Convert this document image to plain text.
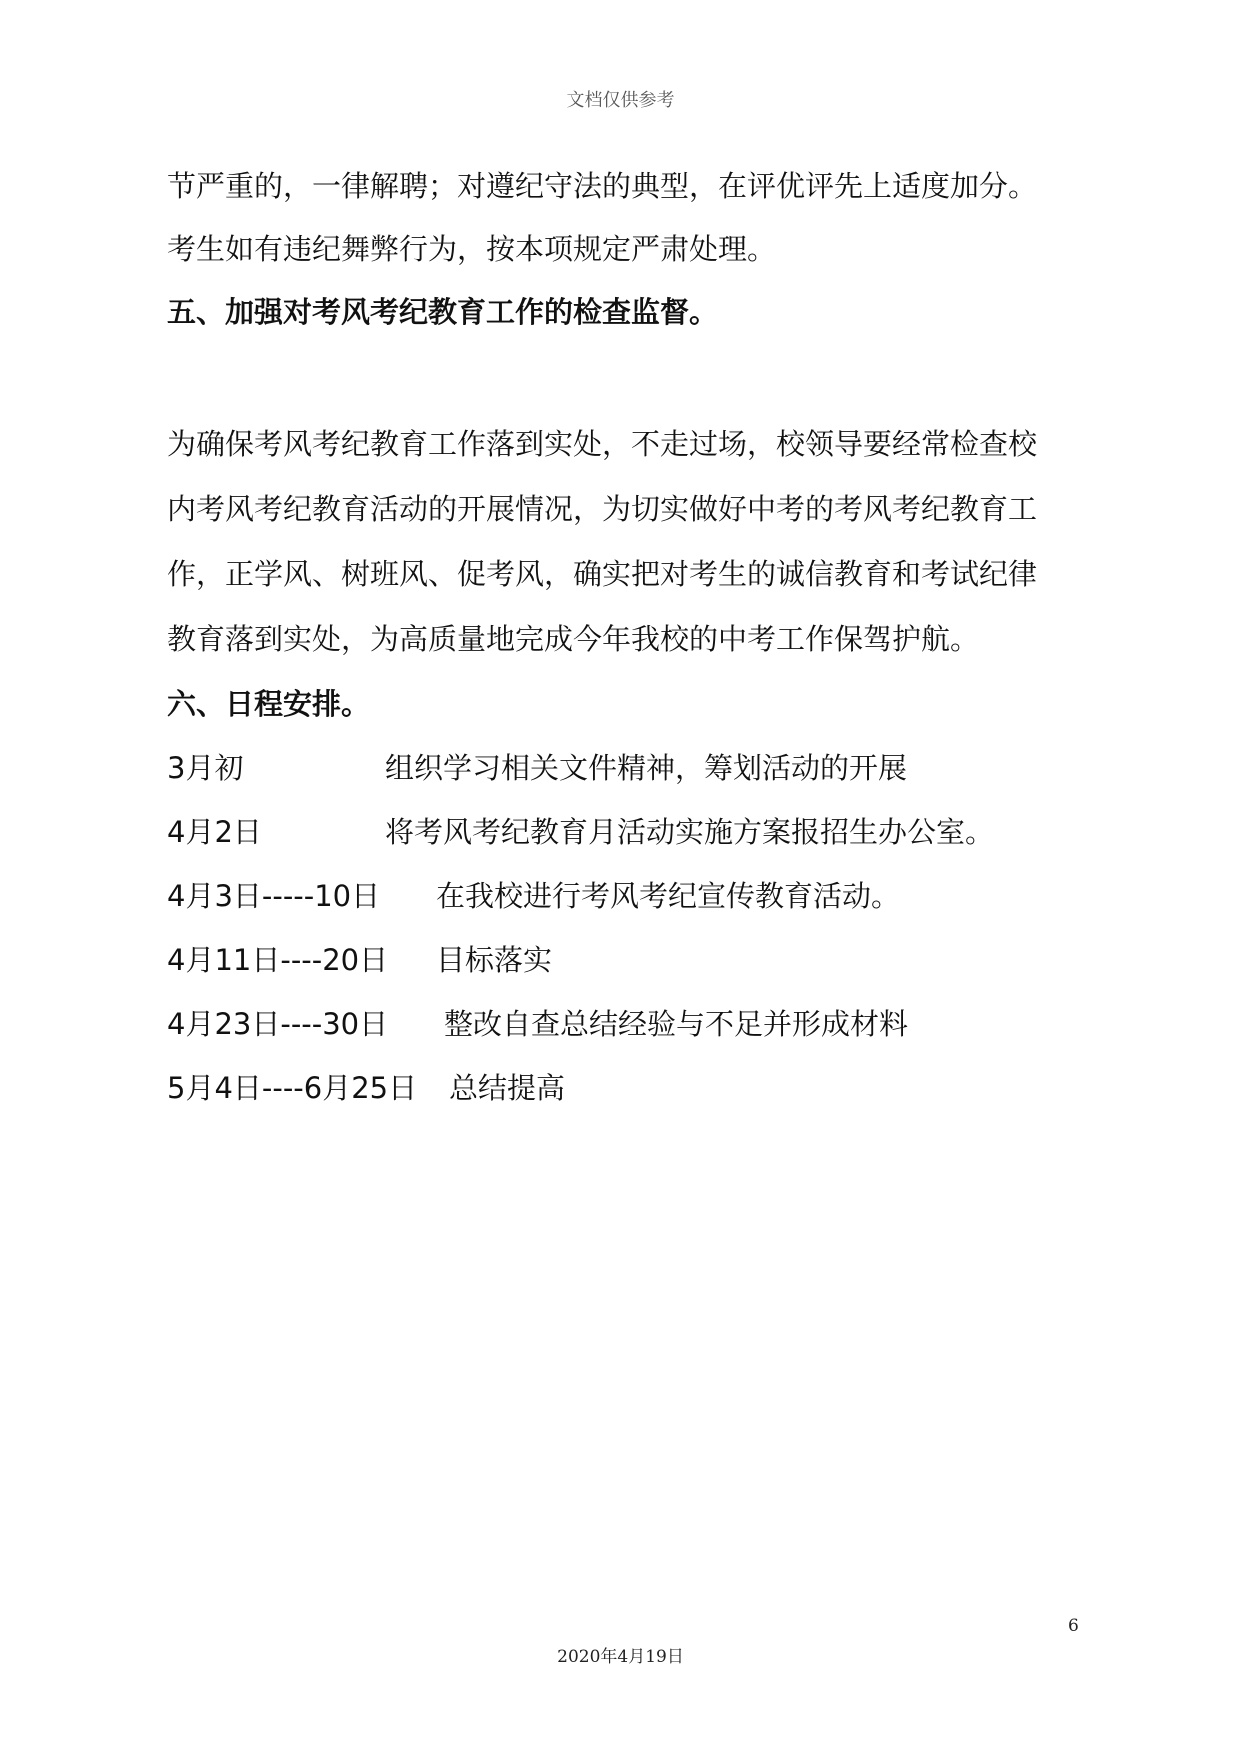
文档仅供参考
节严重的，一律解聘；对遵纪守法的典型，在评优评先上适度加分。
考生如有违纪舞弊行为，按本项规定严肃处理。
五、加强对考风考纪教育工作的检查监督。
为确保考风考纪教育工作落到实处，不走过场，校领导要经常检查校
内考风考纪教育活动的开展情况，为切实做好中考的考风考纪教育工
作，正学风、树班风、促考风，确实把对考生的诚信教育和考试纪律
教育落到实处，为高质量地完成今年我校的中考工作保驾护航。
六、日程安排。
3月初	组织学习相关文件精神，筹划活动的开展
4月2日	将考风考纪教育月活动实施方案报招生办公室。
4月3日-----10日 在我校进行考风考纪宣传教育活动。
4月11日----20日 目标落实
4月23日----30日 整改自查总结经验与不足并形成材料
5月4日----6月25日 总结提高
6
2020年4月19日
